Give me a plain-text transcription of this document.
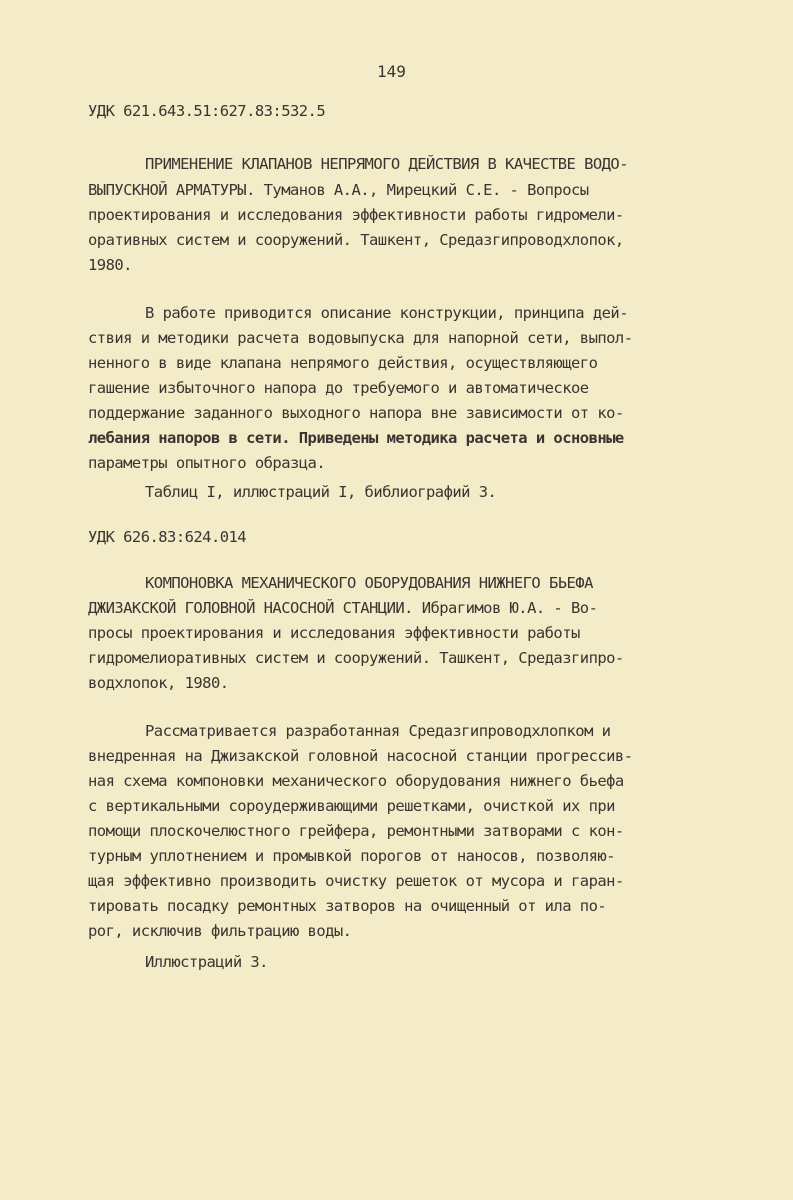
149
УДК 621.643.51:627.83:532.5
ПРИМЕНЕНИЕ КЛАПАНОВ НЕПРЯМОГО ДЕЙСТВИЯ В КАЧЕСТВЕ ВОДО-
ВЫПУСКНОЙ АРМАТУРЫ. Туманов А.А., Мирецкий С.Е. - Вопросы
проектирования и исследования эффективности работы гидромели-
оративных систем и сооружений. Ташкент, Средазгипроводхлопок,
1980.
В работе приводится описание конструкции, принципа дей-
ствия и методики расчета водовыпуска для напорной сети, выпол-
ненного в виде клапана непрямого действия, осуществляющего
гашение избыточного напора до требуемого и автоматическое
поддержание заданного выходного напора вне зависимости от ко-
лебания напоров в сети. Приведены методика расчета и основные
параметры опытного образца.
Таблиц I, иллюстраций I, библиографий 3.
УДК 626.83:624.014
КОМПОНОВКА МЕХАНИЧЕСКОГО ОБОРУДОВАНИЯ НИЖНЕГО БЬЕФА
ДЖИЗАКСКОЙ ГОЛОВНОЙ НАСОСНОЙ СТАНЦИИ. Ибрагимов Ю.А. - Во-
просы проектирования и исследования эффективности работы
гидромелиоративных систем и сооружений. Ташкент, Средазгипро-
водхлопок, 1980.
Рассматривается разработанная Средазгипроводхлопком и
внедренная на Джизакской головной насосной станции прогрессив-
ная схема компоновки механического оборудования нижнего бьефа
с вертикальными сороудерживающими решетками, очисткой их при
помощи плоскочелюстного грейфера, ремонтными затворами с кон-
турным уплотнением и промывкой порогов от наносов, позволяю-
щая эффективно производить очистку решеток от мусора и гаран-
тировать посадку ремонтных затворов на очищенный от ила по-
рог, исключив фильтрацию воды.
Иллюстраций 3.
